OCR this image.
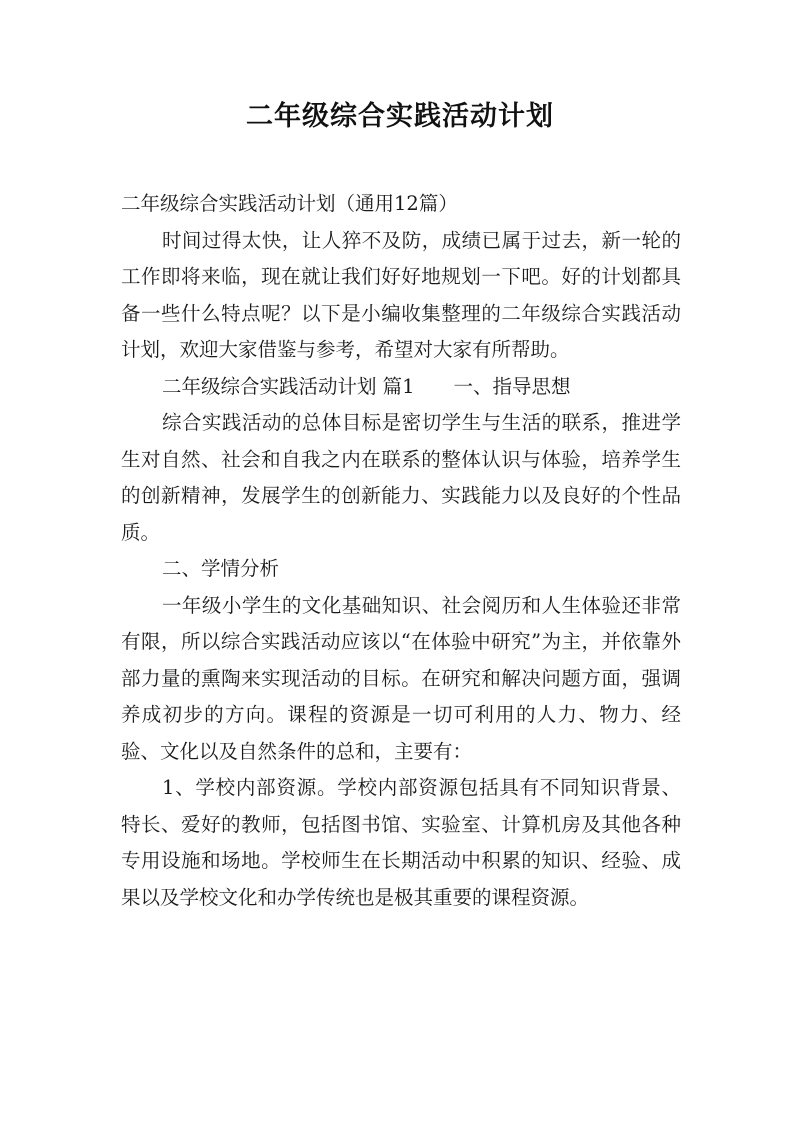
二年级综合实践活动计划

二年级综合实践活动计划（通用12篇）

时间过得太快，让人猝不及防，成绩已属于过去，新一轮的工作即将来临，现在就让我们好好地规划一下吧。好的计划都具备一些什么特点呢？以下是小编收集整理的二年级综合实践活动计划，欢迎大家借鉴与参考，希望对大家有所帮助。

二年级综合实践活动计划 篇1　　一、指导思想

综合实践活动的总体目标是密切学生与生活的联系，推进学生对自然、社会和自我之内在联系的整体认识与体验，培养学生的创新精神，发展学生的创新能力、实践能力以及良好的个性品质。

二、学情分析

一年级小学生的文化基础知识、社会阅历和人生体验还非常有限，所以综合实践活动应该以“在体验中研究”为主，并依靠外部力量的熏陶来实现活动的目标。在研究和解决问题方面，强调养成初步的方向。课程的资源是一切可利用的人力、物力、经验、文化以及自然条件的总和，主要有：

1、学校内部资源。学校内部资源包括具有不同知识背景、特长、爱好的教师，包括图书馆、实验室、计算机房及其他各种专用设施和场地。学校师生在长期活动中积累的知识、经验、成果以及学校文化和办学传统也是极其重要的课程资源。
